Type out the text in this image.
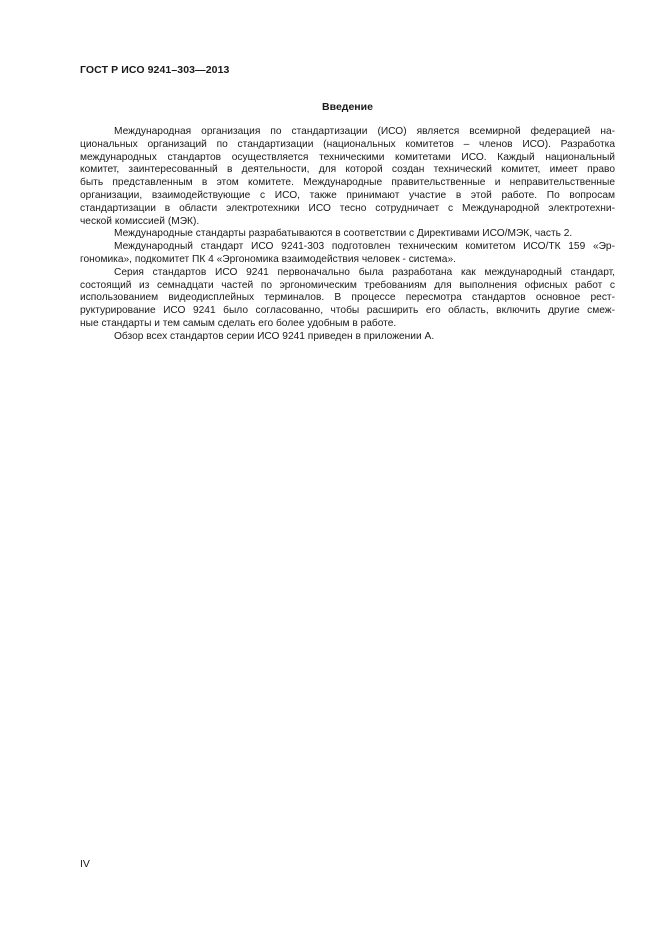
ГОСТ Р ИСО 9241–303—2013
Введение
Международная организация по стандартизации (ИСО) является всемирной федерацией на-
циональных организаций по стандартизации (национальных комитетов – членов ИСО). Разработка
международных стандартов осуществляется техническими комитетами ИСО. Каждый национальный
комитет, заинтересованный в деятельности, для которой создан технический комитет, имеет право
быть представленным в этом комитете. Международные правительственные и неправительственные
организации, взаимодействующие с ИСО, также принимают участие в этой работе. По вопросам
стандартизации в области электротехники ИСО тесно сотрудничает с Международной электротехни-
ческой комиссией (МЭК).
Международные стандарты разрабатываются в соответствии с Директивами ИСО/МЭК, часть 2.
Международный стандарт ИСО 9241-303 подготовлен техническим комитетом ИСО/ТК 159 «Эр-
гономика», подкомитет ПК 4 «Эргономика взаимодействия человек - система».
Серия стандартов ИСО 9241 первоначально была разработана как международный стандарт,
состоящий из семнадцати частей по эргономическим требованиям для выполнения офисных работ с
использованием видеодисплейных терминалов. В процессе пересмотра стандартов основное рест-
руктурирование ИСО 9241 было согласованно, чтобы расширить его область, включить другие смеж-
ные стандарты и тем самым сделать его более удобным в работе.
Обзор всех стандартов серии ИСО 9241 приведен в приложении А.
IV
